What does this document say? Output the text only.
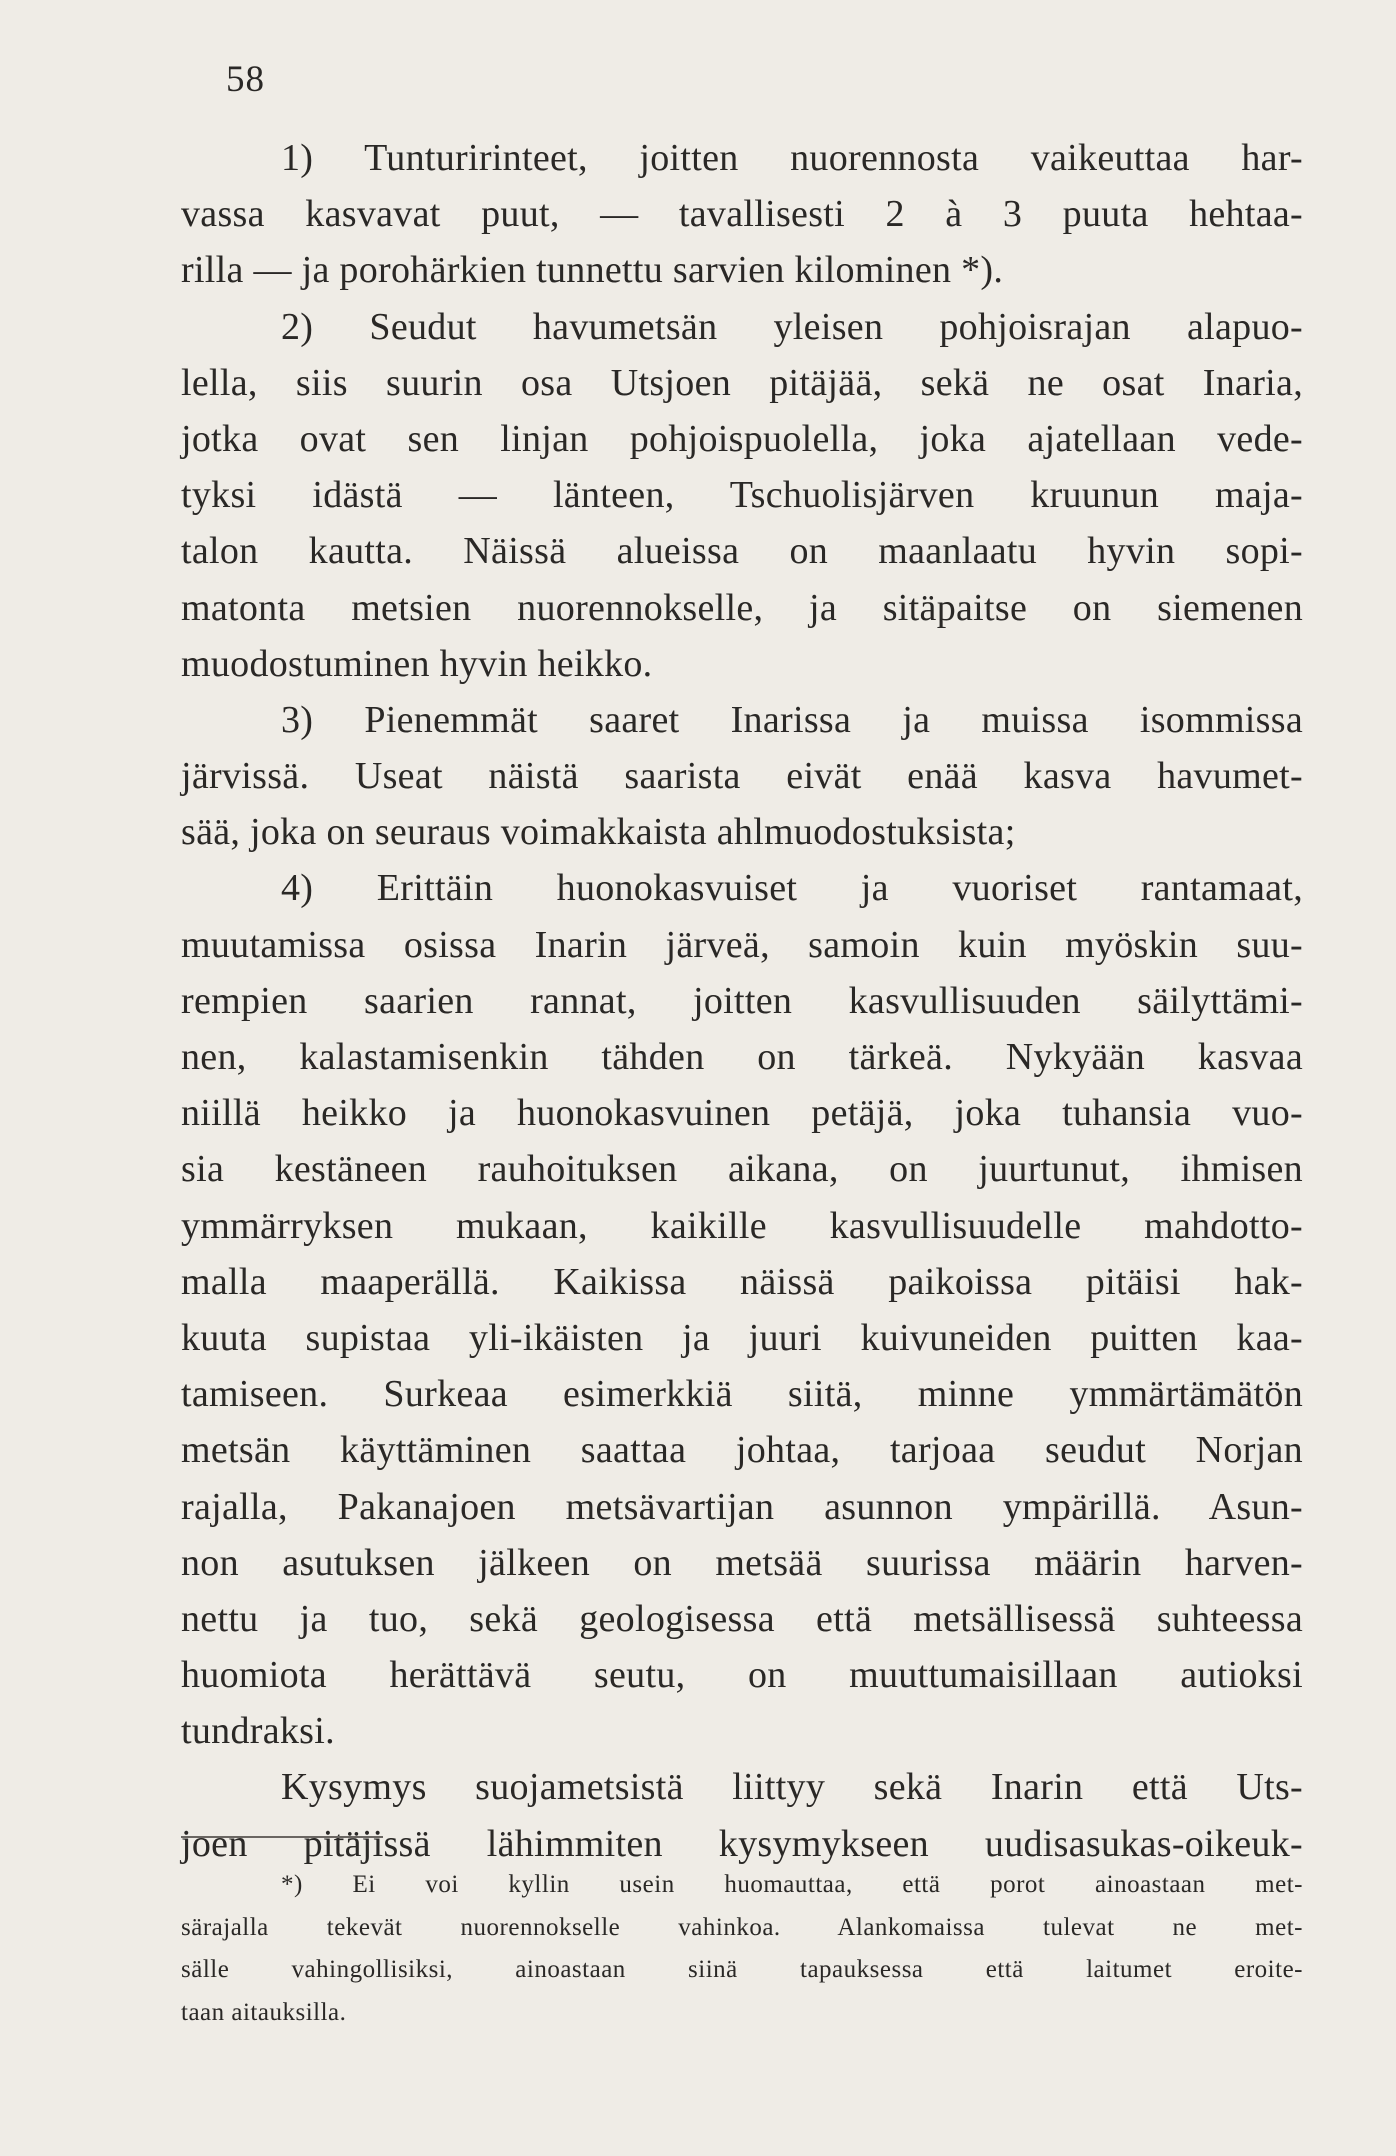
58
1) Tunturirinteet, joitten nuorennosta vaikeuttaa har-
vassa kasvavat puut, — tavallisesti 2 à 3 puuta hehtaa-
rilla — ja porohärkien tunnettu sarvien kilominen *).
2) Seudut havumetsän yleisen pohjoisrajan alapuo-
lella, siis suurin osa Utsjoen pitäjää, sekä ne osat Inaria,
jotka ovat sen linjan pohjoispuolella, joka ajatellaan vede-
tyksi idästä — länteen, Tschuolisjärven kruunun maja-
talon kautta. Näissä alueissa on maanlaatu hyvin sopi-
matonta metsien nuorennokselle, ja sitäpaitse on siemenen
muodostuminen hyvin heikko.
3) Pienemmät saaret Inarissa ja muissa isommissa
järvissä. Useat näistä saarista eivät enää kasva havumet-
sää, joka on seuraus voimakkaista ahlmuodostuksista;
4) Erittäin huonokasvuiset ja vuoriset rantamaat,
muutamissa osissa Inarin järveä, samoin kuin myöskin suu-
rempien saarien rannat, joitten kasvullisuuden säilyttämi-
nen, kalastamisenkin tähden on tärkeä. Nykyään kasvaa
niillä heikko ja huonokasvuinen petäjä, joka tuhansia vuo-
sia kestäneen rauhoituksen aikana, on juurtunut, ihmisen
ymmärryksen mukaan, kaikille kasvullisuudelle mahdotto-
malla maaperällä. Kaikissa näissä paikoissa pitäisi hak-
kuuta supistaa yli-ikäisten ja juuri kuivuneiden puitten kaa-
tamiseen. Surkeaa esimerkkiä siitä, minne ymmärtämätön
metsän käyttäminen saattaa johtaa, tarjoaa seudut Norjan
rajalla, Pakanajoen metsävartijan asunnon ympärillä. Asun-
non asutuksen jälkeen on metsää suurissa määrin harven-
nettu ja tuo, sekä geologisessa että metsällisessä suhteessa
huomiota herättävä seutu, on muuttumaisillaan autioksi
tundraksi.
Kysymys suojametsistä liittyy sekä Inarin että Uts-
joen pitäjissä lähimmiten kysymykseen uudisasukas-oikeuk-
*) Ei voi kyllin usein huomauttaa, että porot ainoastaan met-
särajalla tekevät nuorennokselle vahinkoa. Alankomaissa tulevat ne met-
sälle vahingollisiksi, ainoastaan siinä tapauksessa että laitumet eroite-
taan aitauksilla.
